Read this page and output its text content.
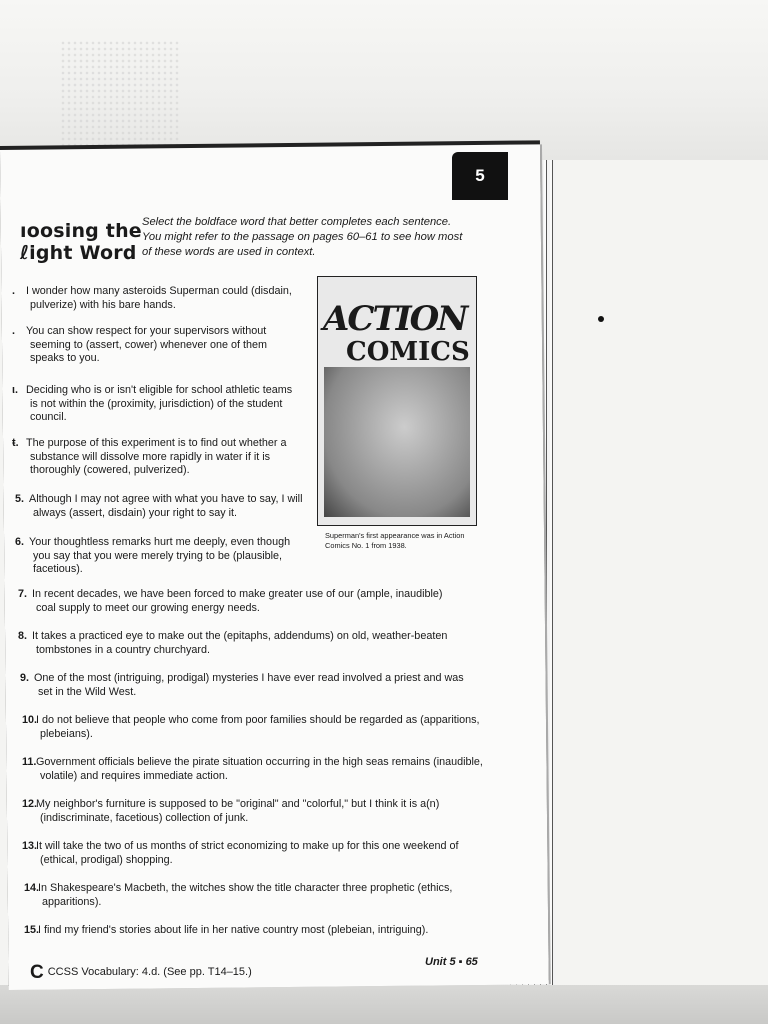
5
ıoosing the
ℓight Word
Select the boldface word that better completes each sentence. You might refer to the passage on pages 60–61 to see how most of these words are used in context.
. I wonder how many asteroids Superman could (disdain, pulverize) with his bare hands.
. You can show respect for your supervisors without seeming to (assert, cower) whenever one of them speaks to you.
ι. Deciding who is or isn't eligible for school athletic teams is not within the (proximity, jurisdiction) of the student council.
ŧ. The purpose of this experiment is to find out whether a substance will dissolve more rapidly in water if it is thoroughly (cowered, pulverized).
5. Although I may not agree with what you have to say, I will always (assert, disdain) your right to say it.
6. Your thoughtless remarks hurt me deeply, even though you say that you were merely trying to be (plausible, facetious).
7. In recent decades, we have been forced to make greater use of our (ample, inaudible) coal supply to meet our growing energy needs.
8. It takes a practiced eye to make out the (epitaphs, addendums) on old, weather-beaten tombstones in a country churchyard.
9. One of the most (intriguing, prodigal) mysteries I have ever read involved a priest and was set in the Wild West.
10.I do not believe that people who come from poor families should be regarded as (apparitions, plebeians).
11.Government officials believe the pirate situation occurring in the high seas remains (inaudible, volatile) and requires immediate action.
12.My neighbor's furniture is supposed to be "original" and "colorful," but I think it is a(n) (indiscriminate, facetious) collection of junk.
13.It will take the two of us months of strict economizing to make up for this one weekend of (ethical, prodigal) shopping.
14.In Shakespeare's Macbeth, the witches show the title character three prophetic (ethics, apparitions).
15.I find my friend's stories about life in her native country most (plebeian, intriguing).
ACTION
COMICS
Superman's first appearance was in Action Comics No. 1 from 1938.
CCCSS Vocabulary: 4.d. (See pp. T14–15.)
Unit 5 ▪ 65
